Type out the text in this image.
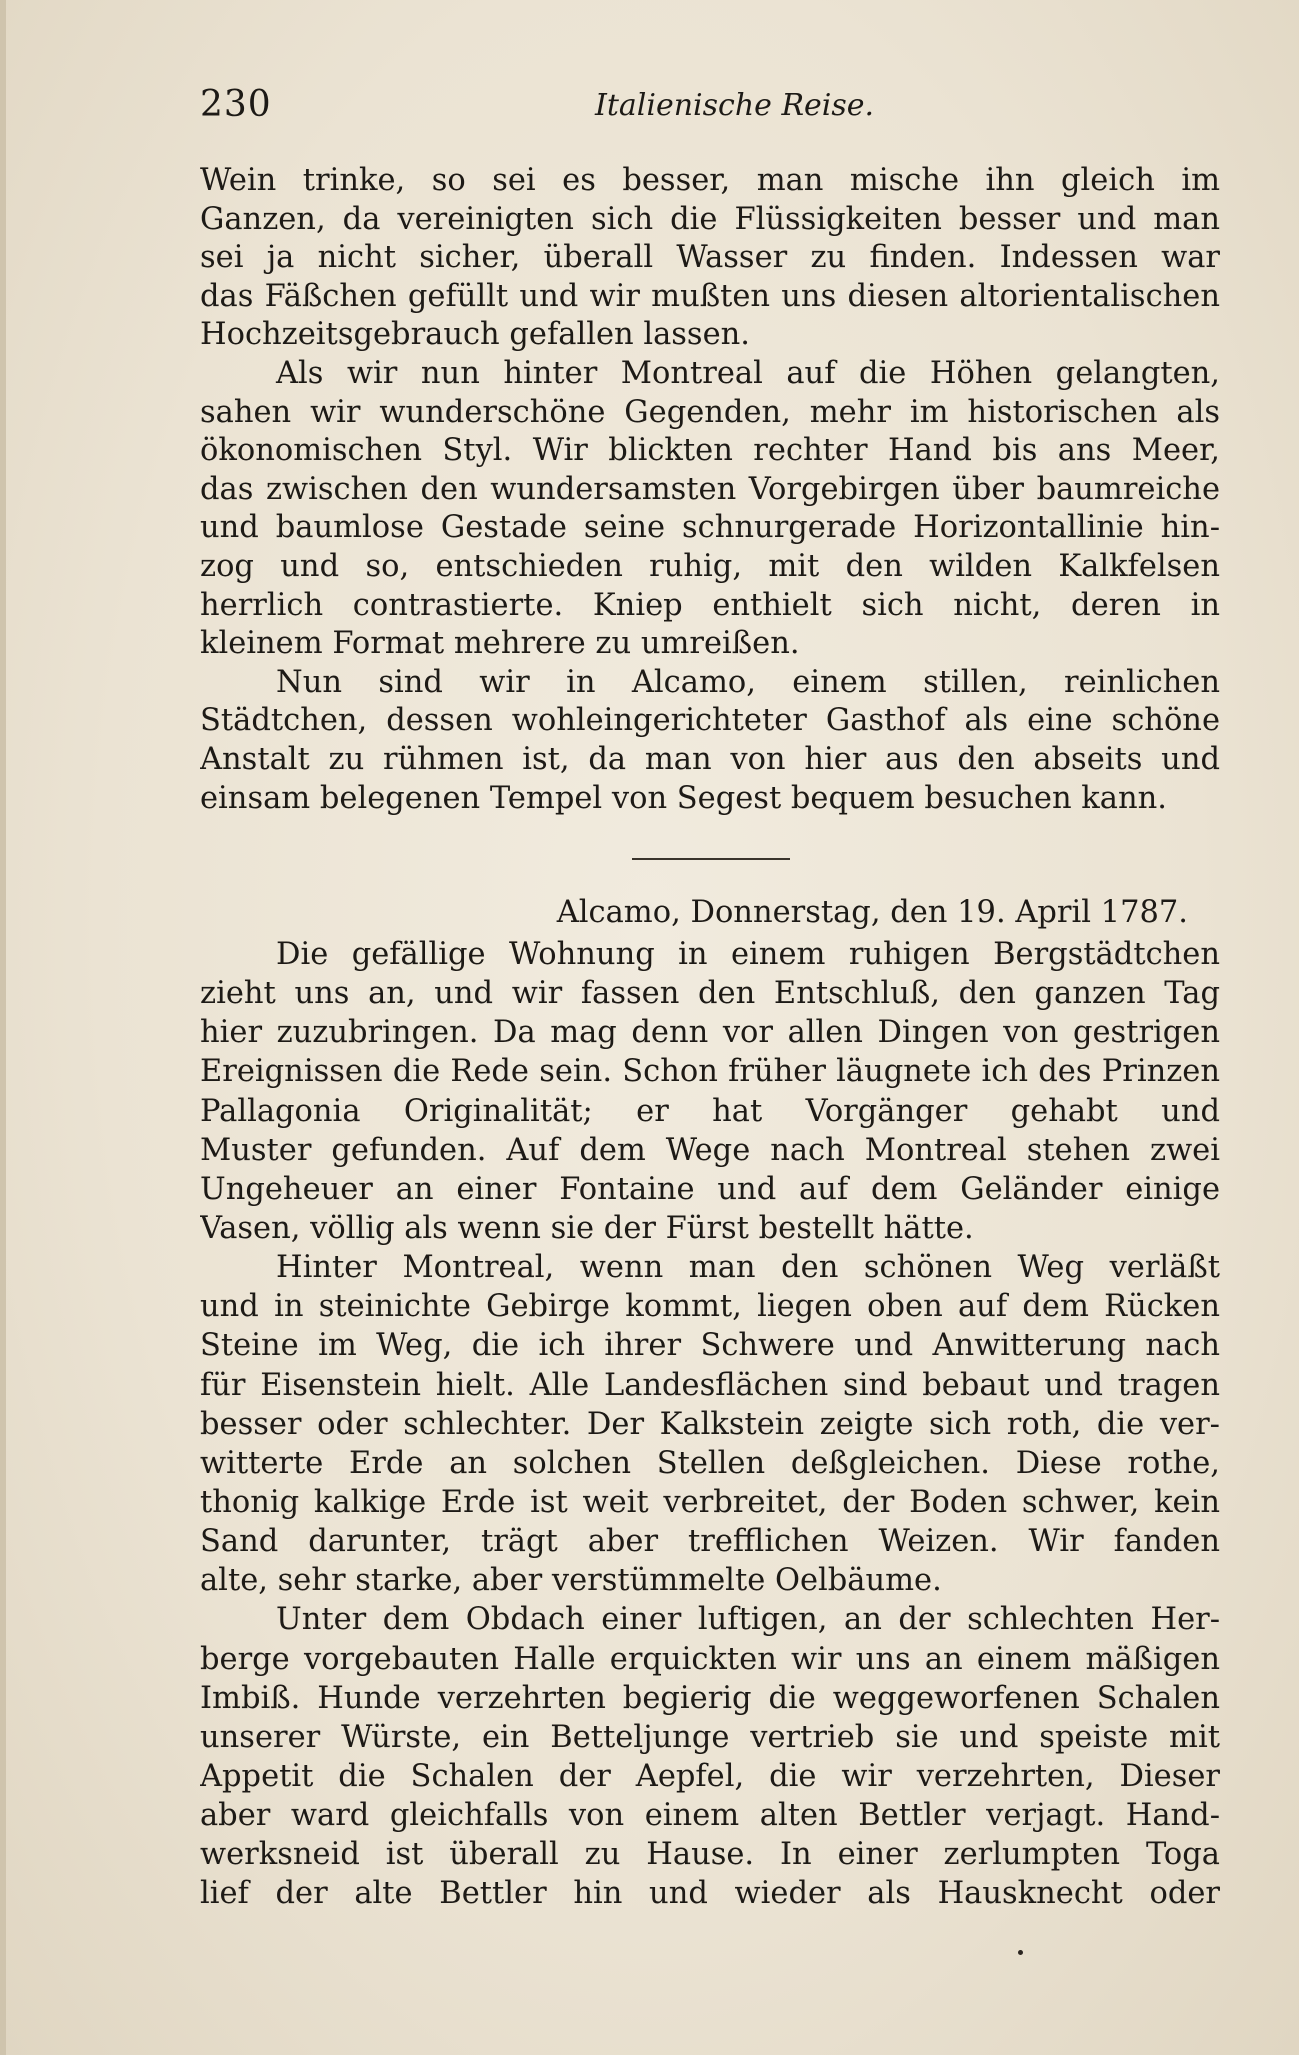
230	Italienische Reise.
Wein trinke, so sei es besser, man mische ihn gleich im
Ganzen, da vereinigten sich die Flüssigkeiten besser und man
sei ja nicht sicher, überall Wasser zu finden. Indessen war
das Fäßchen gefüllt und wir mußten uns diesen altorientalischen
Hochzeitsgebrauch gefallen lassen.
Als wir nun hinter Montreal auf die Höhen gelangten,
sahen wir wunderschöne Gegenden, mehr im historischen als
ökonomischen Styl. Wir blickten rechter Hand bis ans Meer,
das zwischen den wundersamsten Vorgebirgen über baumreiche
und baumlose Gestade seine schnurgerade Horizontallinie hin-
zog und so, entschieden ruhig, mit den wilden Kalkfelsen
herrlich contrastierte. Kniep enthielt sich nicht, deren in
kleinem Format mehrere zu umreißen.
Nun sind wir in Alcamo, einem stillen, reinlichen
Städtchen, dessen wohleingerichteter Gasthof als eine schöne
Anstalt zu rühmen ist, da man von hier aus den abseits und
einsam belegenen Tempel von Segest bequem besuchen kann.
Alcamo, Donnerstag, den 19. April 1787.
Die gefällige Wohnung in einem ruhigen Bergstädtchen
zieht uns an, und wir fassen den Entschluß, den ganzen Tag
hier zuzubringen. Da mag denn vor allen Dingen von gestrigen
Ereignissen die Rede sein. Schon früher läugnete ich des Prinzen
Pallagonia Originalität; er hat Vorgänger gehabt und
Muster gefunden. Auf dem Wege nach Montreal stehen zwei
Ungeheuer an einer Fontaine und auf dem Geländer einige
Vasen, völlig als wenn sie der Fürst bestellt hätte.
Hinter Montreal, wenn man den schönen Weg verläßt
und in steinichte Gebirge kommt, liegen oben auf dem Rücken
Steine im Weg, die ich ihrer Schwere und Anwitterung nach
für Eisenstein hielt. Alle Landesflächen sind bebaut und tragen
besser oder schlechter. Der Kalkstein zeigte sich roth, die ver-
witterte Erde an solchen Stellen deßgleichen. Diese rothe,
thonig kalkige Erde ist weit verbreitet, der Boden schwer, kein
Sand darunter, trägt aber trefflichen Weizen. Wir fanden
alte, sehr starke, aber verstümmelte Oelbäume.
Unter dem Obdach einer luftigen, an der schlechten Her-
berge vorgebauten Halle erquickten wir uns an einem mäßigen
Imbiß. Hunde verzehrten begierig die weggeworfenen Schalen
unserer Würste, ein Betteljunge vertrieb sie und speiste mit
Appetit die Schalen der Aepfel, die wir verzehrten, Dieser
aber ward gleichfalls von einem alten Bettler verjagt. Hand-
werksneid ist überall zu Hause. In einer zerlumpten Toga
lief der alte Bettler hin und wieder als Hausknecht oder
